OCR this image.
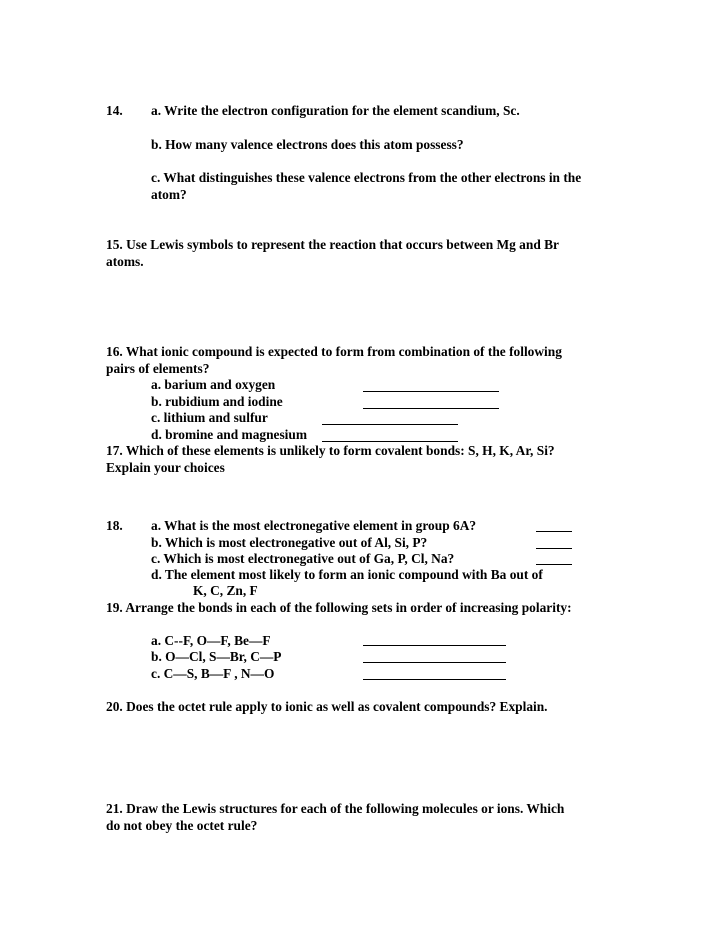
14. a. Write the electron configuration for the element scandium, Sc.
b. How many valence electrons does this atom possess?
c. What distinguishes these valence electrons from the other electrons in the
atom?
15. Use Lewis symbols to represent the reaction that occurs between Mg and Br
atoms.
16. What ionic compound is expected to form from combination of the following
pairs of elements?
a. barium and oxygen
b. rubidium and iodine
c. lithium and sulfur
d. bromine and magnesium
17. Which of these elements is unlikely to form covalent bonds: S, H, K, Ar, Si?
Explain your choices
18. a. What is the most electronegative element in group 6A?
b. Which is most electronegative out of Al, Si, P?
c. Which is most electronegative out of Ga, P, Cl, Na?
d. The element most likely to form an ionic compound with Ba out of
K, C, Zn, F
19. Arrange the bonds in each of the following sets in order of increasing polarity:
a. C--F, O—F, Be—F
b. O—Cl, S—Br, C—P
c. C—S, B—F , N—O
20. Does the octet rule apply to ionic as well as covalent compounds? Explain.
21. Draw the Lewis structures for each of the following molecules or ions. Which
do not obey the octet rule?
